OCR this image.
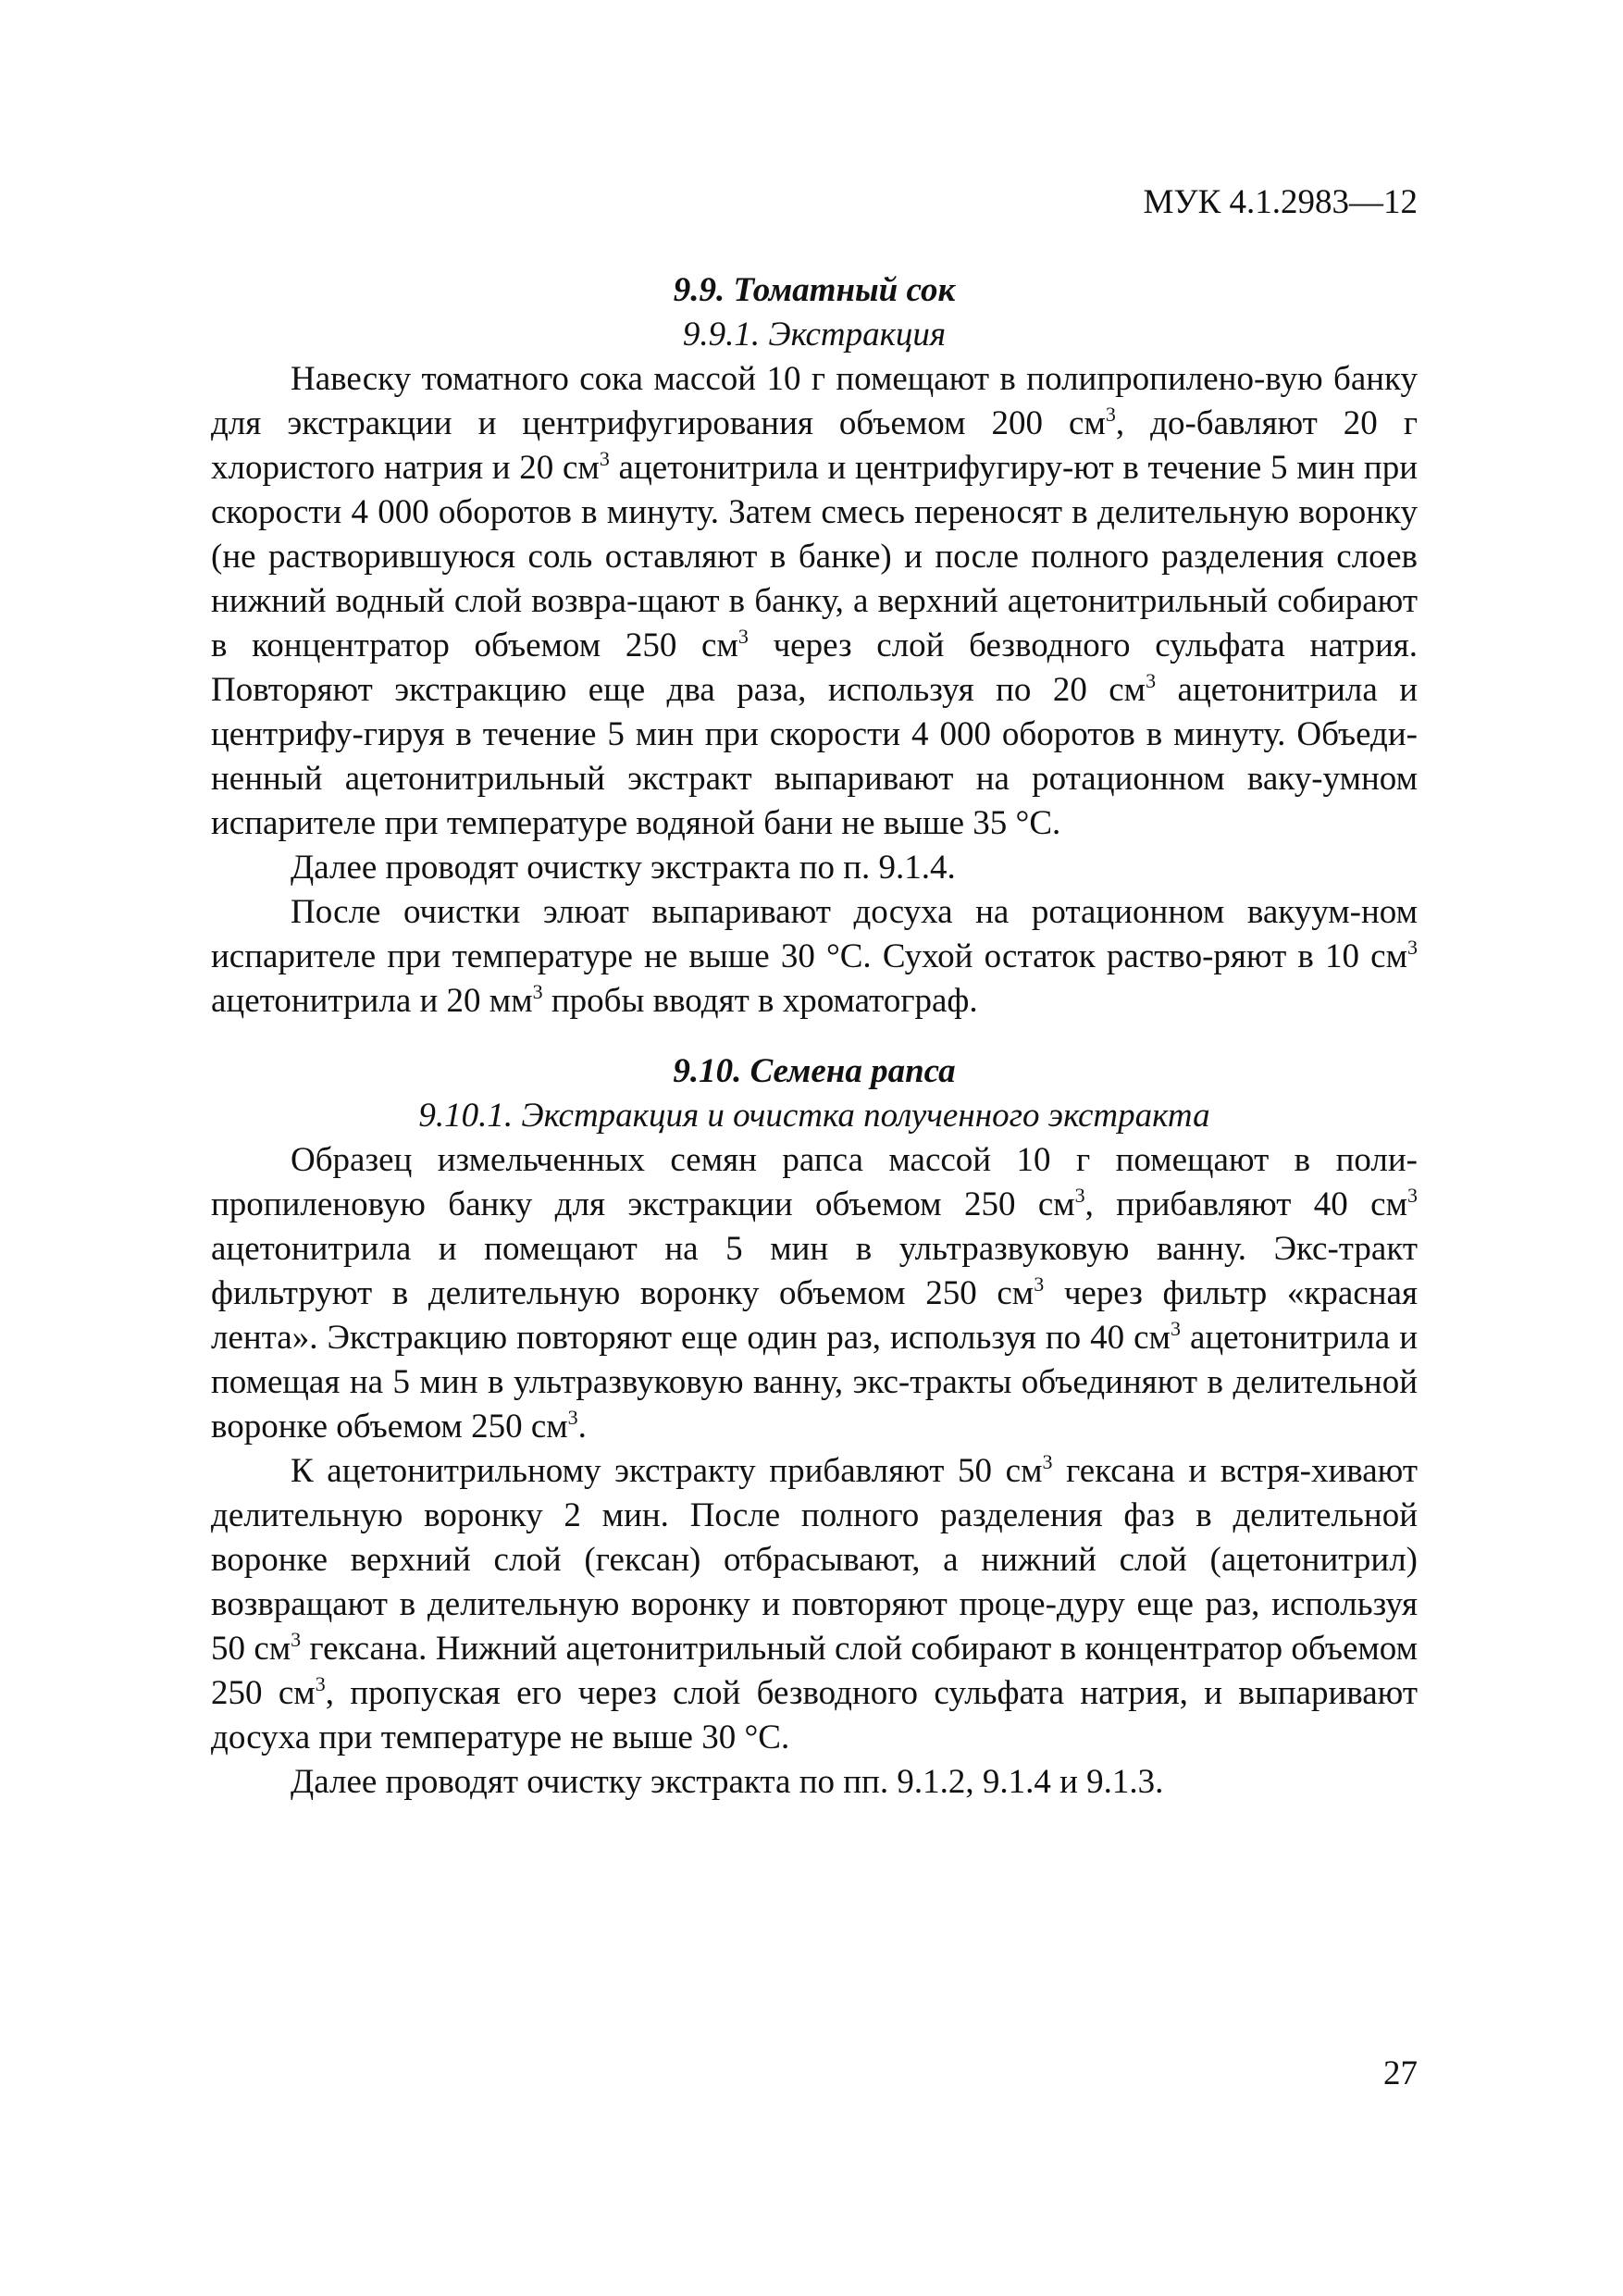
МУК 4.1.2983—12
9.9. Томатный сок
9.9.1. Экстракция

Навеску томатного сока массой 10 г помещают в полипропилено-вую банку для экстракции и центрифугирования объемом 200 $см^3$, до-бавляют 20 г хлористого натрия и 20 $см^3$ ацетонитрила и центрифугиру-ют в течение 5 мин при скорости 4 000 оборотов в минуту. Затем смесь переносят в делительную воронку (не растворившуюся соль оставляют в банке) и после полного разделения слоев нижний водный слой возвра-щают в банку, а верхний ацетонитрильный собирают в концентратор объемом 250 $см^3$ через слой безводного сульфата натрия. Повторяют экстракцию еще два раза, используя по 20 $см^3$ ацетонитрила и центрифу-гируя в течение 5 мин при скорости 4 000 оборотов в минуту. Объеди-ненный ацетонитрильный экстракт выпаривают на ротационном ваку-умном испарителе при температуре водяной бани не выше 35 °С.

Далее проводят очистку экстракта по п. 9.1.4.

После очистки элюат выпаривают досуха на ротационном вакуум-ном испарителе при температуре не выше 30 °С. Сухой остаток раство-ряют в 10 $см^3$ ацетонитрила и 20 $мм^3$ пробы вводят в хроматограф.

9.10. Семена рапса
9.10.1. Экстракция и очистка полученного экстракта

Образец измельченных семян рапса массой 10 г помещают в поли-пропиленовую банку для экстракции объемом 250 $см^3$, прибавляют 40 $см^3$ ацетонитрила и помещают на 5 мин в ультразвуковую ванну. Экс-тракт фильтруют в делительную воронку объемом 250 $см^3$ через фильтр «красная лента». Экстракцию повторяют еще один раз, используя по 40 $см^3$ ацетонитрила и помещая на 5 мин в ультразвуковую ванну, экс-тракты объединяют в делительной воронке объемом 250 $см^3$.

К ацетонитрильному экстракту прибавляют 50 $см^3$ гексана и встря-хивают делительную воронку 2 мин. После полного разделения фаз в делительной воронке верхний слой (гексан) отбрасывают, а нижний слой (ацетонитрил) возвращают в делительную воронку и повторяют проце-дуру еще раз, используя 50 $см^3$ гексана. Нижний ацетонитрильный слой собирают в концентратор объемом 250 $см^3$, пропуская его через слой безводного сульфата натрия, и выпаривают досуха при температуре не выше 30 °С.

Далее проводят очистку экстракта по пп. 9.1.2, 9.1.4 и 9.1.3.

27
